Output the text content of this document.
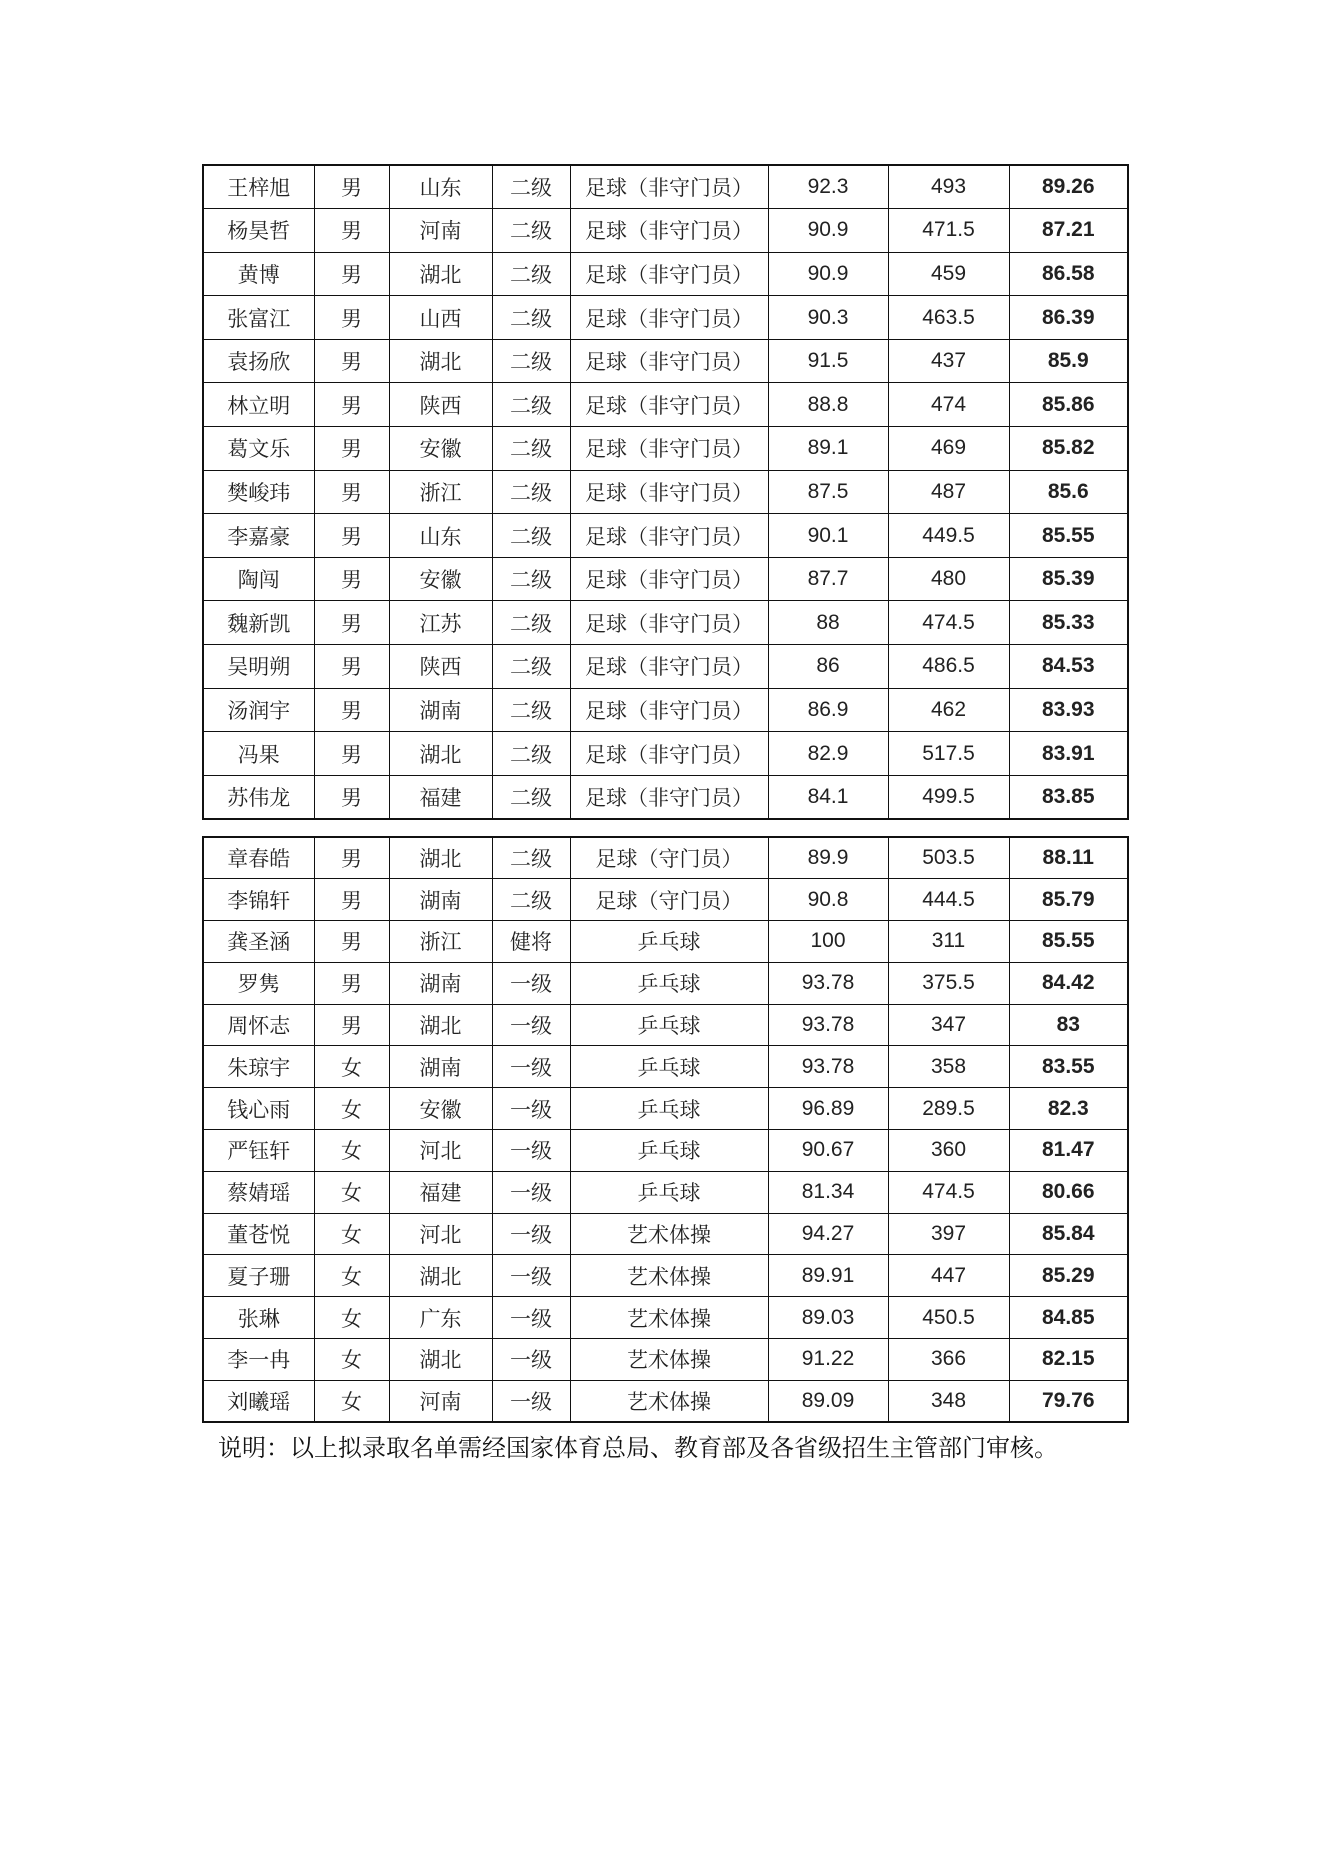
王梓旭	男	山东	二级	足球（非守门员）	92.3	493	89.26
杨昊哲	男	河南	二级	足球（非守门员）	90.9	471.5	87.21
黄博	男	湖北	二级	足球（非守门员）	90.9	459	86.58
张富江	男	山西	二级	足球（非守门员）	90.3	463.5	86.39
袁扬欣	男	湖北	二级	足球（非守门员）	91.5	437	85.9
林立明	男	陕西	二级	足球（非守门员）	88.8	474	85.86
葛文乐	男	安徽	二级	足球（非守门员）	89.1	469	85.82
樊峻玮	男	浙江	二级	足球（非守门员）	87.5	487	85.6
李嘉豪	男	山东	二级	足球（非守门员）	90.1	449.5	85.55
陶闯	男	安徽	二级	足球（非守门员）	87.7	480	85.39
魏新凯	男	江苏	二级	足球（非守门员）	88	474.5	85.33
吴明朔	男	陕西	二级	足球（非守门员）	86	486.5	84.53
汤润宇	男	湖南	二级	足球（非守门员）	86.9	462	83.93
冯果	男	湖北	二级	足球（非守门员）	82.9	517.5	83.91
苏伟龙	男	福建	二级	足球（非守门员）	84.1	499.5	83.85
章春皓	男	湖北	二级	足球（守门员）	89.9	503.5	88.11
李锦轩	男	湖南	二级	足球（守门员）	90.8	444.5	85.79
龚圣涵	男	浙江	健将	乒乓球	100	311	85.55
罗隽	男	湖南	一级	乒乓球	93.78	375.5	84.42
周怀志	男	湖北	一级	乒乓球	93.78	347	83
朱琼宇	女	湖南	一级	乒乓球	93.78	358	83.55
钱心雨	女	安徽	一级	乒乓球	96.89	289.5	82.3
严钰轩	女	河北	一级	乒乓球	90.67	360	81.47
蔡婧瑶	女	福建	一级	乒乓球	81.34	474.5	80.66
董苍悦	女	河北	一级	艺术体操	94.27	397	85.84
夏子珊	女	湖北	一级	艺术体操	89.91	447	85.29
张琳	女	广东	一级	艺术体操	89.03	450.5	84.85
李一冉	女	湖北	一级	艺术体操	91.22	366	82.15
刘曦瑶	女	河南	一级	艺术体操	89.09	348	79.76
说明：以上拟录取名单需经国家体育总局、教育部及各省级招生主管部门审核。
